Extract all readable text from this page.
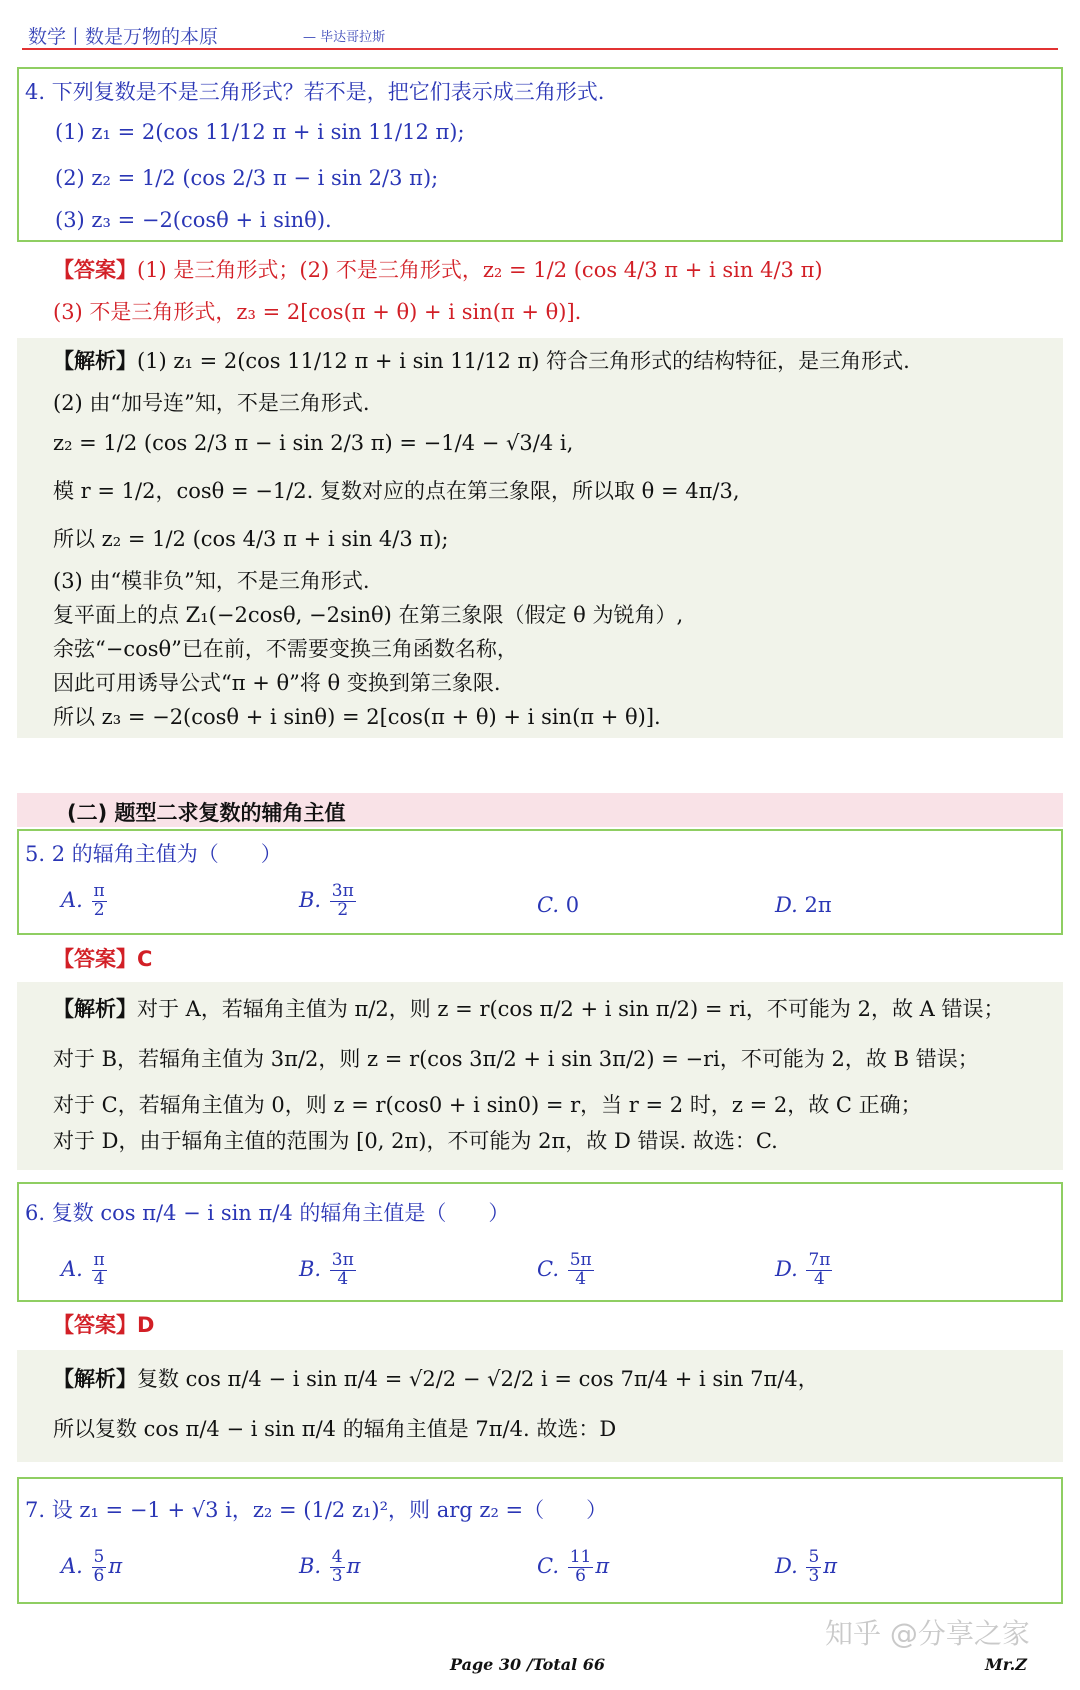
数学丨数是万物的本原	— 毕达哥拉斯
4. 下列复数是不是三角形式？若不是，把它们表示成三角形式.
(1) z₁ = 2(cos 11/12 π + i sin 11/12 π);
(2) z₂ = 1/2 (cos 2/3 π − i sin 2/3 π);
(3) z₃ = −2(cosθ + i sinθ).
【答案】(1) 是三角形式；(2) 不是三角形式，z₂ = 1/2 (cos 4/3 π + i sin 4/3 π)
(3) 不是三角形式，z₃ = 2[cos(π + θ) + i sin(π + θ)].
【解析】(1) z₁ = 2(cos 11/12 π + i sin 11/12 π) 符合三角形式的结构特征，是三角形式.
(2) 由“加号连”知，不是三角形式.
z₂ = 1/2 (cos 2/3 π − i sin 2/3 π) = −1/4 − √3/4 i,
模 r = 1/2，cosθ = −1/2. 复数对应的点在第三象限，所以取 θ = 4π/3,
所以 z₂ = 1/2 (cos 4/3 π + i sin 4/3 π);
(3) 由“模非负”知，不是三角形式.
复平面上的点 Z₁(−2cosθ, −2sinθ) 在第三象限（假定 θ 为锐角）,
余弦“−cosθ”已在前，不需要变换三角函数名称，
因此可用诱导公式“π + θ”将 θ 变换到第三象限.
所以 z₃ = −2(cosθ + i sinθ) = 2[cos(π + θ) + i sin(π + θ)].
(二) 题型二求复数的辅角主值
5. 2 的辐角主值为（　　）
A. $\frac{\pi}{2}$	B. $\frac{3\pi}{2}$	C. 0	D. 2π
【答案】C
【解析】对于 A，若辐角主值为 π/2，则 z = r(cos π/2 + i sin π/2) = ri，不可能为 2，故 A 错误；
对于 B，若辐角主值为 3π/2，则 z = r(cos 3π/2 + i sin 3π/2) = −ri，不可能为 2，故 B 错误；
对于 C，若辐角主值为 0，则 z = r(cos0 + i sin0) = r，当 r = 2 时，z = 2，故 C 正确；
对于 D，由于辐角主值的范围为 [0, 2π)，不可能为 2π，故 D 错误. 故选：C.
6. 复数 cos π/4 − i sin π/4 的辐角主值是（　　）
A. $\frac{\pi}{4}$	B. $\frac{3\pi}{4}$	C. $\frac{5\pi}{4}$	D. $\frac{7\pi}{4}$
【答案】D
【解析】复数 cos π/4 − i sin π/4 = √2/2 − √2/2 i = cos 7π/4 + i sin 7π/4，
所以复数 cos π/4 − i sin π/4 的辐角主值是 7π/4. 故选：D
7. 设 z₁ = −1 + √3 i，z₂ = (1/2 z₁)²，则 arg z₂ =（　　）
A. $\frac{5}{6}$ π	B. $\frac{4}{3}$ π	C. $\frac{11}{6}$ π	D. $\frac{5}{3}$ π
知乎 @分享之家
Page 30 /Total 66	Mr.Z
